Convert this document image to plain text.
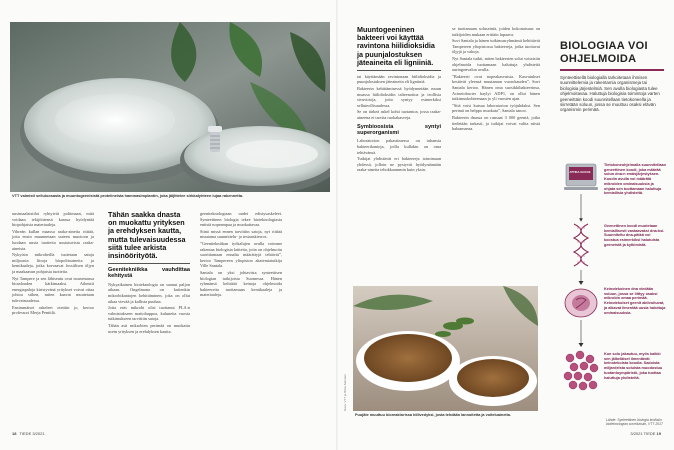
VTT valmisti selluloosasta ja muuntogeenisistä proteiineista hammasimplantin, joka jäljittelee sirkkalyhteen lujaa rakennetta.

uusimaalaistilat ryhtyivät poltimaan, mitä voidaan tekijöittensä kanssa hyödyntää biopohjaisia materiaaleja.

Vihreän kullan maassa raaka-aineita riittää, joita ensin muunnetaan uuteen muotoon ja luodaan uusia tuotteita uusiutuvista raaka-aineista.

Nykyisin mikrobeilla tuotetaan satoja miljoonia litroja biopolttoaineita ja kemikaaleja, jotka korvaavat fossiilisen öljyn ja maakaasun pohjaisia tuotteita.

Nyt Tampere ja sen lähiseutu ovat nousemassa biotalouden kärkimaaksi. Aiheutti energiapaloja kiristyvänä yritykset voivat ottaa johtoa siihen, miten kaavat muutetaan tulevaisuudessa.

Ensimmäiset askeleet otettiin jo, kertoo professori Merja Penttilä.

Tähän saakka dnasta on muokattu yrityksen ja erehdyksen kautta, mutta tulevaisuudessa siitä tulee arkista insinöörityötä.
Geenitekniikka vauhdittaa kehitystä

Nykyaikainen bioteknologia on saanut paljon aikaan. Ongelmana on kuitenkin mikrobikantojen kehittäminen, joka on ollut aikaa vievää ja kallista puuhaa.

Jotta eräs mikrobi olisi tuottanut PLA:n valmistukseen maitohappoa, kuluneita vuosia tutkimukseen tarvittiin satoja.

Tähän asti mikrobien perimää on muokattu usein yrityksen ja erehdyksen kautta.

geeniteknologiaan uudet edistysaskeleet. Synteettinen biologia tekee bioteknologiasta entistä nopeampaa ja muokattavaa.

Siinä missä ennen tarvittiin satoja, nyt riittää muutama suunnittelu- ja testauskierros.

”Geenitekniikan työkalujen avulla voimme rakentaa biologisia laitteita, joita on ohjelmoitu suorittamaan ennalta määrättyjä tehtäviä”, kertoo Tampereen yliopiston akatemiatutkija Ville Santala.

Santala on yksi johtavista synteettisen biologian tutkijoista Suomessa. Hänen ryhmänsä kehittää keinoja ohjelmoida bakteereita tuottamaan kemikaaleja ja materiaaleja.

Muuntogeeninen bakteeri voi käyttää ravintona hiilidioksidia ja puunjalostuksen jäteaineita eli ligniiniä.

tai käyttämään ravintonaan hiilidioksidia ja puunjalostuksen jäteaineita eli ligniiniä.

Bakteerin kehittämisessä hyödynnetään muun muassa hiilidioksidin talteenottoa ja teollisia sivuvirtoja, joita syntyy esimerkiksi selluteollisuudessa.

Se on tärkeä askel kohti tuotantoa, jossa raaka-aineena ei tarvita ruokakasveja.

Symbioosista syntyi superorganismi

Laboratorion pakastimessa on tuhansia bakteerikantoja, joilla kullakin on oma tehtävänsä.

Tutkijat yhdistävät eri bakteereja toimimaan yhdessä, jolloin ne pystyvät hyödyntämään raaka-aineita tehokkaammin kuin yksin.

se tuottamaan soluseiniä, joiden kokonaisuus on tutkijoiden mukaan erittäin lupaava.

Suvi Santala ja hänen tutkimusryhmänsä kehittävät Tampereen yliopistossa bakteereja, jotka tuottavat öljyjä ja vahoja.

Nyt Santala tutkii, miten bakteerien solut voitaisiin ohjelmoida tuottamaan haluttuja yhdisteitä auringonvalon avulla.

”Bakteerit ovat nopeakasvuisia. Kasvatukset kestävät yleensä muutaman vuorokauden”, Suvi Santala kertoo. Hänen oma suosikkibakteerinsa, Acinetobacter baylyi ADP1, on ollut hänen tutkimuskohteenaan jo yli vuosien ajan.

”Sitä voisi kutsua laboratorion työjuhdaksi. Sen perimä on helppo muokata”, Santala sanoo.

Bakteerin dnassa on runsaat 3 000 geeniä, jotka tiedetään tarkasti, ja tutkijat voivat valita niistä haluamansa.

Kuva: VTT ja Riina Salonen
Puujäte muuttuu bioreaktorissa hiilivedyksi, josta tehdään lannoitetta ja voiteluaineita.
BIOLOGIAA VOI OHJELMOIDA
Synteettisellä biologialla tarkoitetaan ihmisen suunnittelemia ja rakentamia organismeja tai biologisia järjestelmiä. Sen avulla biologiasta tulee ohjelmoitavaa. Haluttuja biologisia toimintoja varten geeneittäin koodi suunnitellaan tietokoneella ja siirretään soluun, jossa se muuttuu osaksi elävän organismin perimää.
ATTIKA GOCCE
Tietokoneohjelmalla suunnitellaan geneettinen koodi, joka määrää solun dna:n emäsjärjestyksen. Koodin avulla voi määrätä mikrobien ominaisuuksia ja ohjata sen tuottamaan haluttuja kemiallisia yhdisteitä.
Geenettinen koodi muutetaan kemiallisesti vastaavaksi dna:ksi. Suunniteltu dna-pätkä voi koostua esimerkiksi halutuista geeneistä ja kytkimistä.
Keinotekoinen dna viedään soluun, jossa se liittyy osaksi mikrobin omaa perimää. Keinotekoiset geenit aktivoituvat, ja alkavat ilmentää uusia haluttuja ominaisuuksia.
Kun solu jakautuu, myös kaikki sen jälkeläiset ilmentävät keinotekoista koodia. Sadoista miljardeista soluista muodostuu tuotantoympäristö, joka tuottaa haluttuja yhdisteitä.
Lähde: Synteettinen biologia teollisiin bioteknologian sovelluksiin, VTT 2017
18 TIEDE 3/2021	3/2021 TIEDE 19
